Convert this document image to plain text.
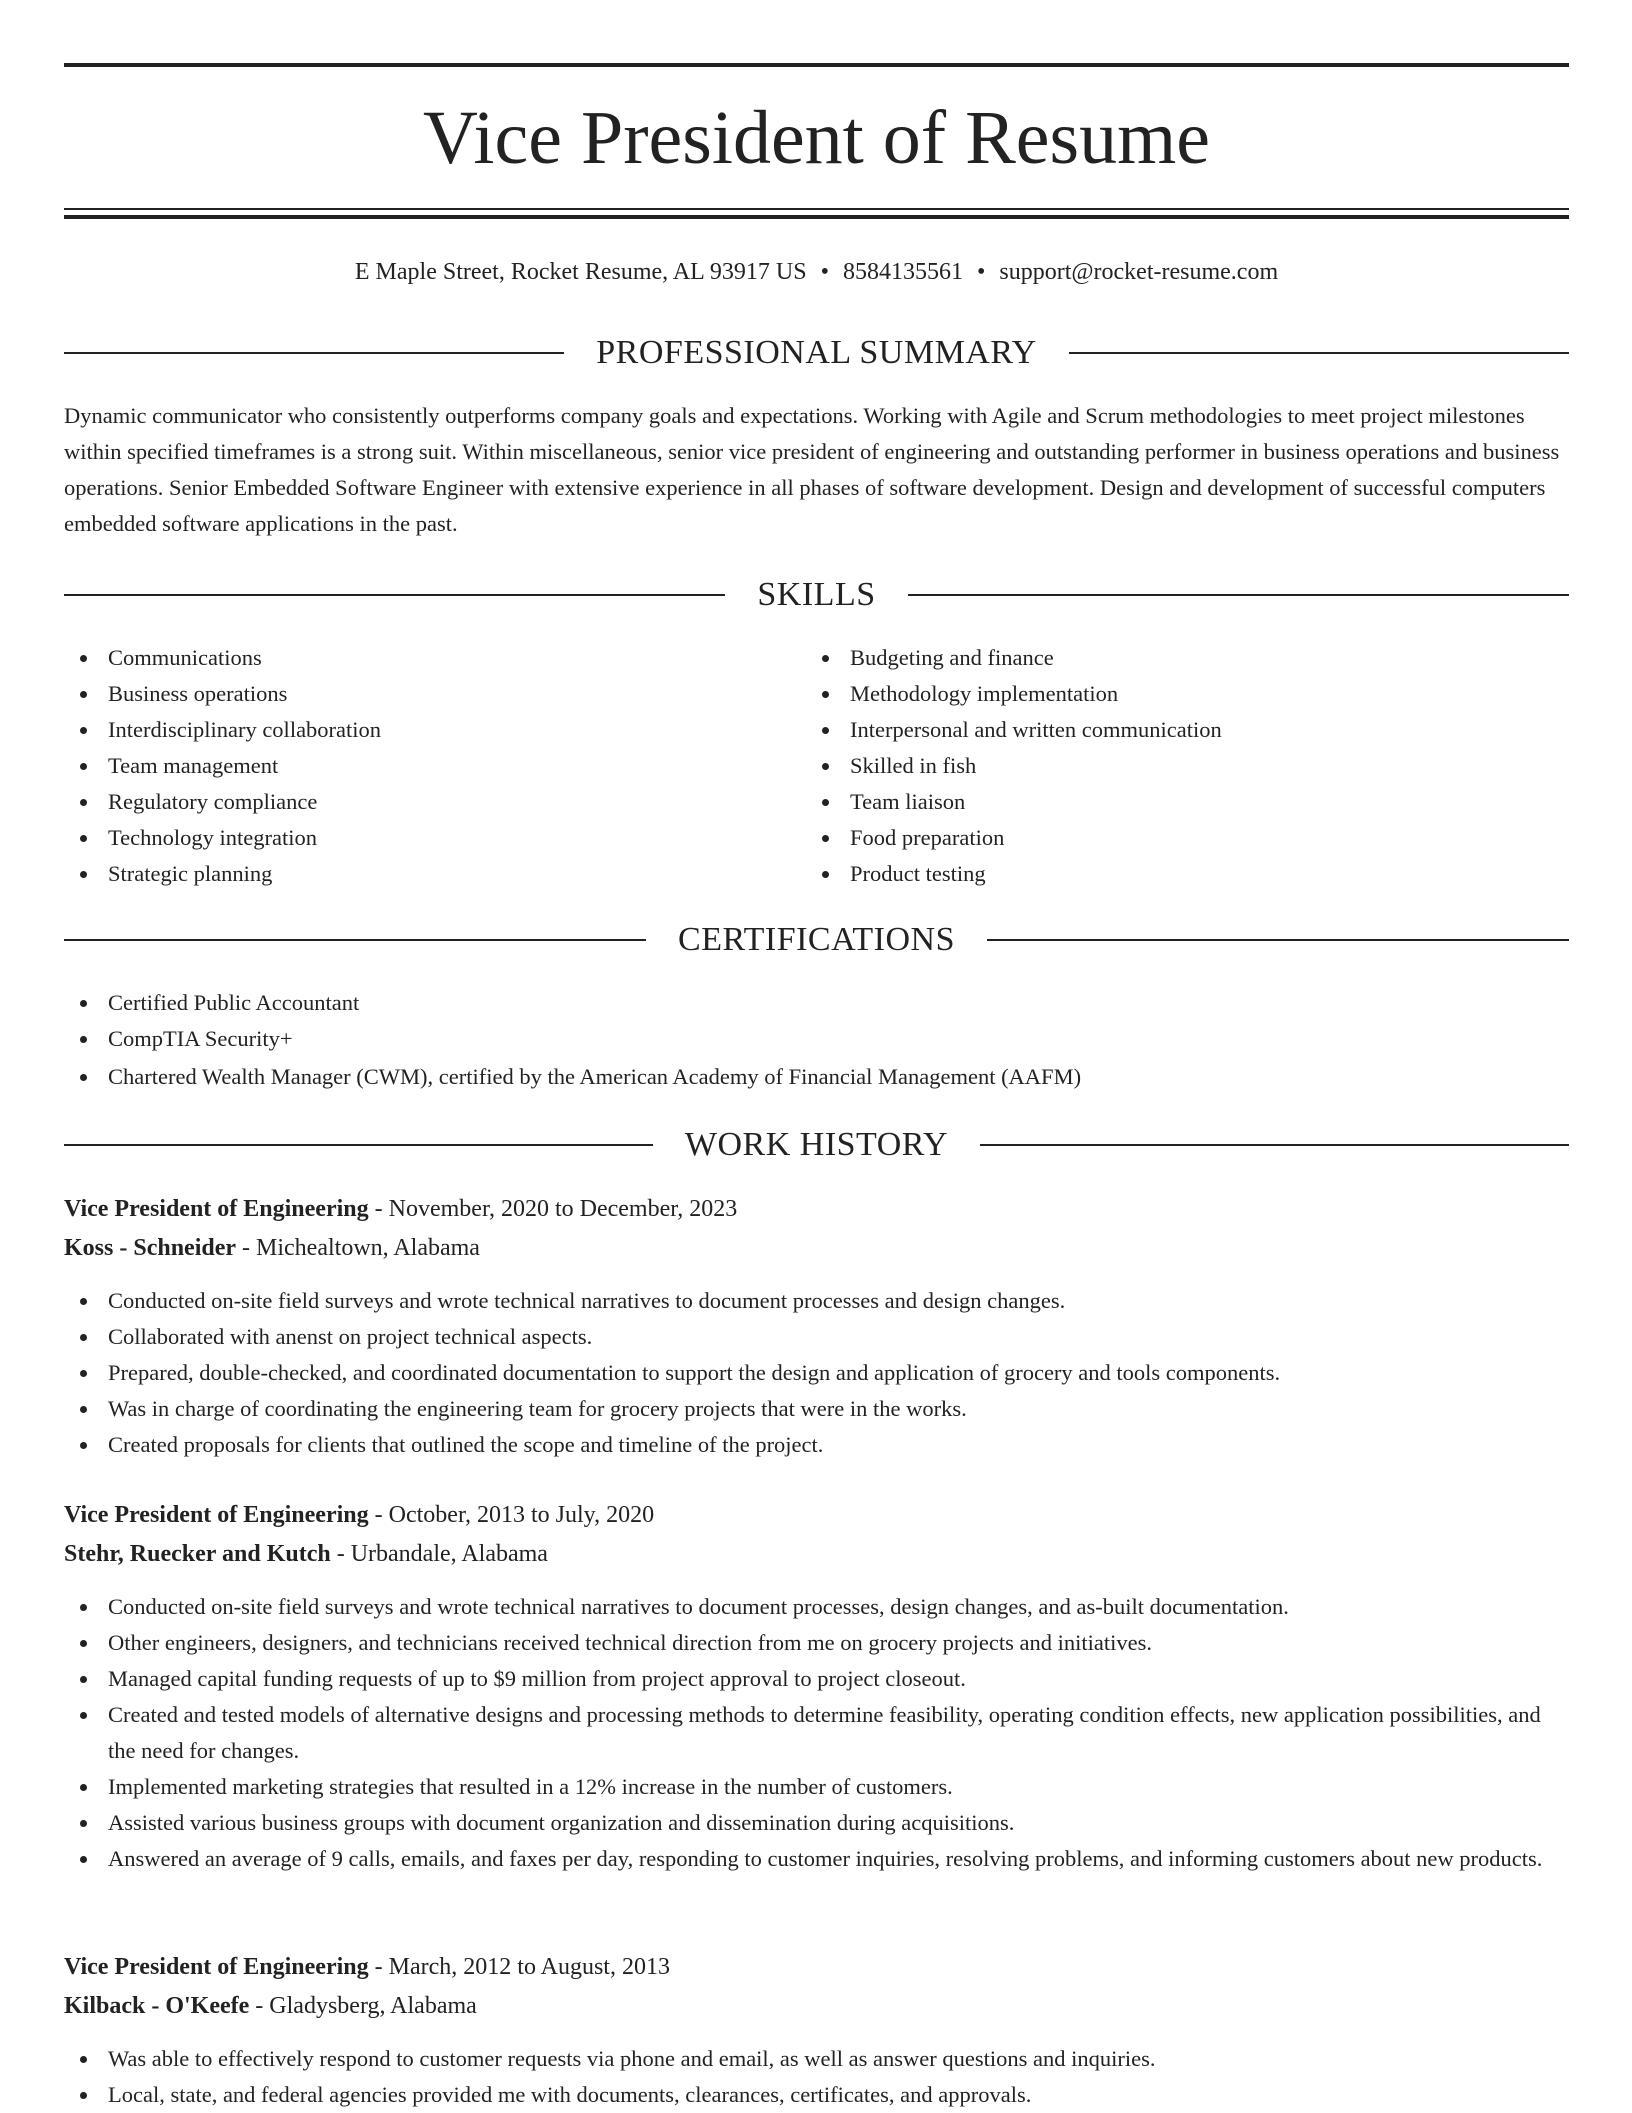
Vice President of Resume
E Maple Street, Rocket Resume, AL 93917 US • 8584135561 • support@rocket-resume.com
PROFESSIONAL SUMMARY
Dynamic communicator who consistently outperforms company goals and expectations. Working with Agile and Scrum methodologies to meet project milestones within specified timeframes is a strong suit. Within miscellaneous, senior vice president of engineering and outstanding performer in business operations and business operations. Senior Embedded Software Engineer with extensive experience in all phases of software development. Design and development of successful computers embedded software applications in the past.
SKILLS
Communications
Business operations
Interdisciplinary collaboration
Team management
Regulatory compliance
Technology integration
Strategic planning
Budgeting and finance
Methodology implementation
Interpersonal and written communication
Skilled in fish
Team liaison
Food preparation
Product testing
CERTIFICATIONS
Certified Public Accountant
CompTIA Security+
Chartered Wealth Manager (CWM), certified by the American Academy of Financial Management (AAFM)
WORK HISTORY
Vice President of Engineering - November, 2020 to December, 2023
Koss - Schneider - Michealtown, Alabama
Conducted on-site field surveys and wrote technical narratives to document processes and design changes.
Collaborated with anenst on project technical aspects.
Prepared, double-checked, and coordinated documentation to support the design and application of grocery and tools components.
Was in charge of coordinating the engineering team for grocery projects that were in the works.
Created proposals for clients that outlined the scope and timeline of the project.
Vice President of Engineering - October, 2013 to July, 2020
Stehr, Ruecker and Kutch - Urbandale, Alabama
Conducted on-site field surveys and wrote technical narratives to document processes, design changes, and as-built documentation.
Other engineers, designers, and technicians received technical direction from me on grocery projects and initiatives.
Managed capital funding requests of up to $9 million from project approval to project closeout.
Created and tested models of alternative designs and processing methods to determine feasibility, operating condition effects, new application possibilities, and the need for changes.
Implemented marketing strategies that resulted in a 12% increase in the number of customers.
Assisted various business groups with document organization and dissemination during acquisitions.
Answered an average of 9 calls, emails, and faxes per day, responding to customer inquiries, resolving problems, and informing customers about new products.
Vice President of Engineering - March, 2012 to August, 2013
Kilback - O'Keefe - Gladysberg, Alabama
Was able to effectively respond to customer requests via phone and email, as well as answer questions and inquiries.
Local, state, and federal agencies provided me with documents, clearances, certificates, and approvals.
